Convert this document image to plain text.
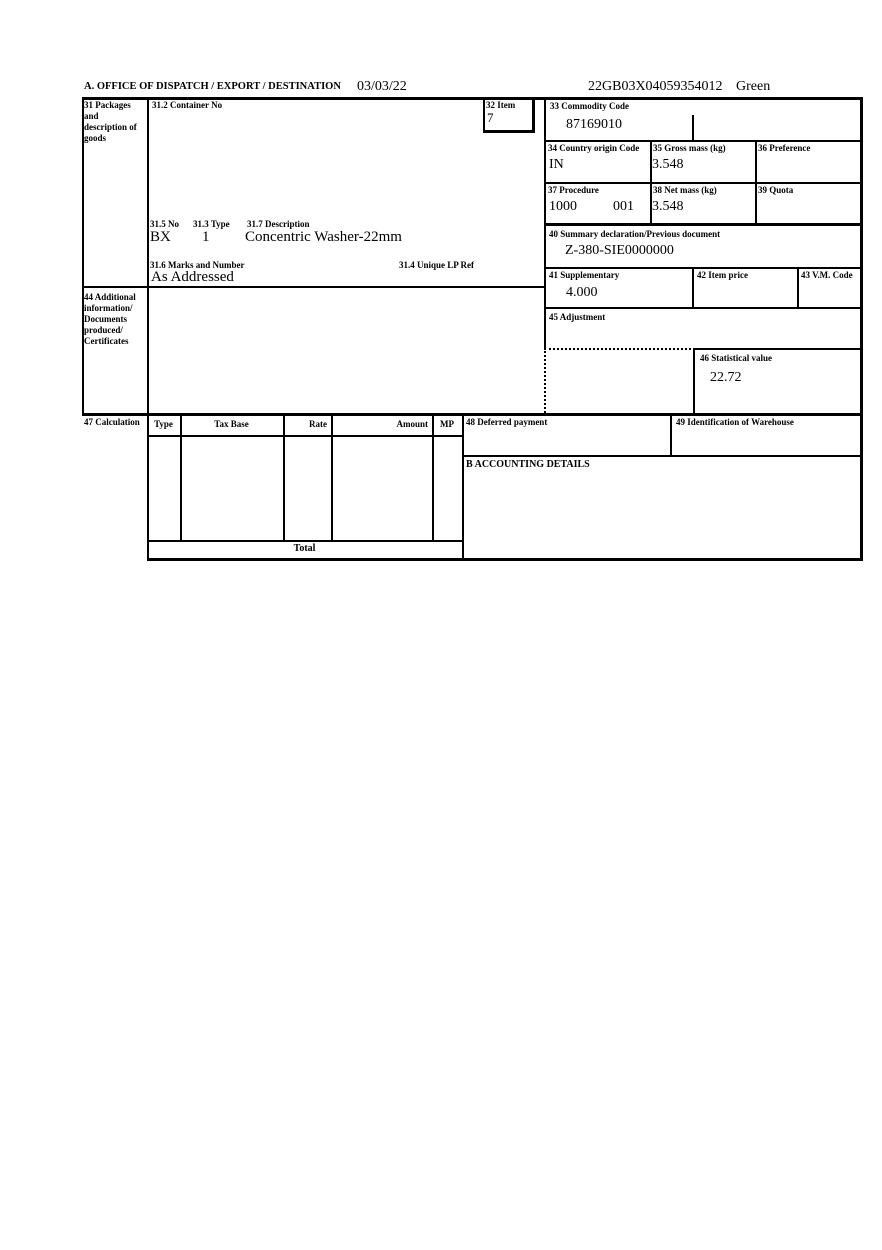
A. OFFICE OF DISPATCH / EXPORT / DESTINATION 03/03/22	22GB03X04059354012 Green
31 Packages and description of goods
44 Additional information/ Documents produced/ Certificates
47 Calculation
31.2 Container No	32 Item
7
33 Commodity Code
87169010
34 Country origin Code
IN
35 Gross mass (kg)
3.548
36 Preference
37 Procedure
1000	001
38 Net mass (kg)
3.548
39 Quota
31.5 No 31.3 Type 31.7 Description
BX 1 Concentric Washer-22mm
31.6 Marks and Number	31.4 Unique LP Ref
As Addressed
40 Summary declaration/Previous document
Z-380-SIE0000000
41 Supplementary
4.000
42 Item price	43 V.M. Code
45 Adjustment
46 Statistical value
22.72
Type	Tax Base	Rate	Amount	MP
Total
48 Deferred payment	49 Identification of Warehouse
B ACCOUNTING DETAILS
